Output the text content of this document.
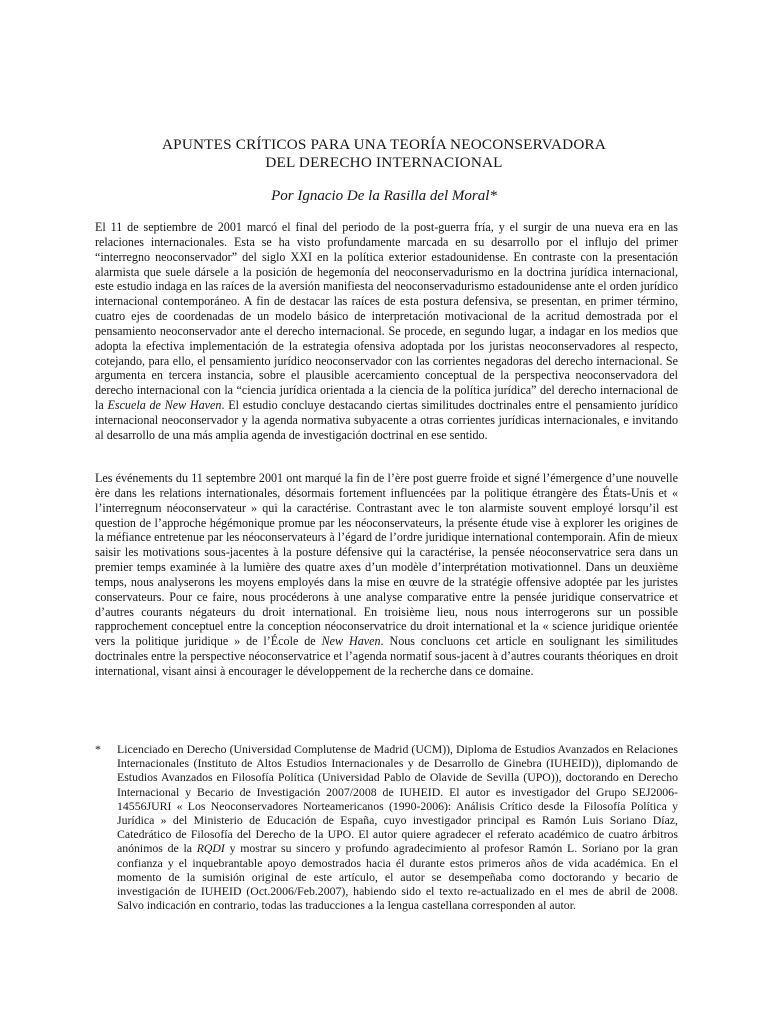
APUNTES CRÍTICOS PARA UNA TEORÍA NEOCONSERVADORA
DEL DERECHO INTERNACIONAL
Por Ignacio De la Rasilla del Moral*

El 11 de septiembre de 2001 marcó el final del periodo de la post-guerra fría, y el surgir de una nueva era en las relaciones internacionales. Esta se ha visto profundamente marcada en su desarrollo por el influjo del primer “interregno neoconservador” del siglo XXI en la política exterior estadounidense. En contraste con la presentación alarmista que suele dársele a la posición de hegemonía del neoconservadurismo en la doctrina jurídica internacional, este estudio indaga en las raíces de la aversión manifiesta del neoconservadurismo estadounidense ante el orden jurídico internacional contemporáneo. A fin de destacar las raíces de esta postura defensiva, se presentan, en primer término, cuatro ejes de coordenadas de un modelo básico de interpretación motivacional de la acritud demostrada por el pensamiento neoconservador ante el derecho internacional. Se procede, en segundo lugar, a indagar en los medios que adopta la efectiva implementación de la estrategia ofensiva adoptada por los juristas neoconservadores al respecto, cotejando, para ello, el pensamiento jurídico neoconservador con las corrientes negadoras del derecho internacional. Se argumenta en tercera instancia, sobre el plausible acercamiento conceptual de la perspectiva neoconservadora del derecho internacional con la “ciencia jurídica orientada a la ciencia de la política jurídica” del derecho internacional de la Escuela de New Haven. El estudio concluye destacando ciertas similitudes doctrinales entre el pensamiento jurídico internacional neoconservador y la agenda normativa subyacente a otras corrientes jurídicas internacionales, e invitando al desarrollo de una más amplia agenda de investigación doctrinal en ese sentido.

Les événements du 11 septembre 2001 ont marqué la fin de l’ère post guerre froide et signé l’émergence d’une nouvelle ère dans les relations internationales, désormais fortement influencées par la politique étrangère des États-Unis et « l’interregnum néoconservateur » qui la caractérise. Contrastant avec le ton alarmiste souvent employé lorsqu’il est question de l’approche hégémonique promue par les néoconservateurs, la présente étude vise à explorer les origines de la méfiance entretenue par les néoconservateurs à l’égard de l’ordre juridique international contemporain. Afin de mieux saisir les motivations sous-jacentes à la posture défensive qui la caractérise, la pensée néoconservatrice sera dans un premier temps examinée à la lumière des quatre axes d’un modèle d’interprétation motivationnel. Dans un deuxième temps, nous analyserons les moyens employés dans la mise en œuvre de la stratégie offensive adoptée par les juristes conservateurs. Pour ce faire, nous procéderons à une analyse comparative entre la pensée juridique conservatrice et d’autres courants négateurs du droit international. En troisième lieu, nous nous interrogerons sur un possible rapprochement conceptuel entre la conception néoconservatrice du droit international et la « science juridique orientée vers la politique juridique » de l’École de New Haven. Nous concluons cet article en soulignant les similitudes doctrinales entre la perspective néoconservatrice et l’agenda normatif sous-jacent à d’autres courants théoriques en droit international, visant ainsi à encourager le développement de la recherche dans ce domaine.

* Licenciado en Derecho (Universidad Complutense de Madrid (UCM)), Diploma de Estudios Avanzados en Relaciones Internacionales (Instituto de Altos Estudios Internacionales y de Desarrollo de Ginebra (IUHEID)), diplomando de Estudios Avanzados en Filosofía Política (Universidad Pablo de Olavide de Sevilla (UPO)), doctorando en Derecho Internacional y Becario de Investigación 2007/2008 de IUHEID. El autor es investigador del Grupo SEJ2006-14556JURI « Los Neoconservadores Norteamericanos (1990-2006): Análisis Crítico desde la Filosofía Política y Jurídica » del Ministerio de Educación de España, cuyo investigador principal es Ramón Luis Soriano Díaz, Catedrático de Filosofía del Derecho de la UPO. El autor quiere agradecer el referato académico de cuatro árbitros anónimos de la RQDI y mostrar su sincero y profundo agradecimiento al profesor Ramón L. Soriano por la gran confianza y el inquebrantable apoyo demostrados hacia él durante estos primeros años de vida académica. En el momento de la sumisión original de este artículo, el autor se desempeñaba como doctorando y becario de investigación de IUHEID (Oct.2006/Feb.2007), habiendo sido el texto re-actualizado en el mes de abril de 2008. Salvo indicación en contrario, todas las traducciones a la lengua castellana corresponden al autor.
